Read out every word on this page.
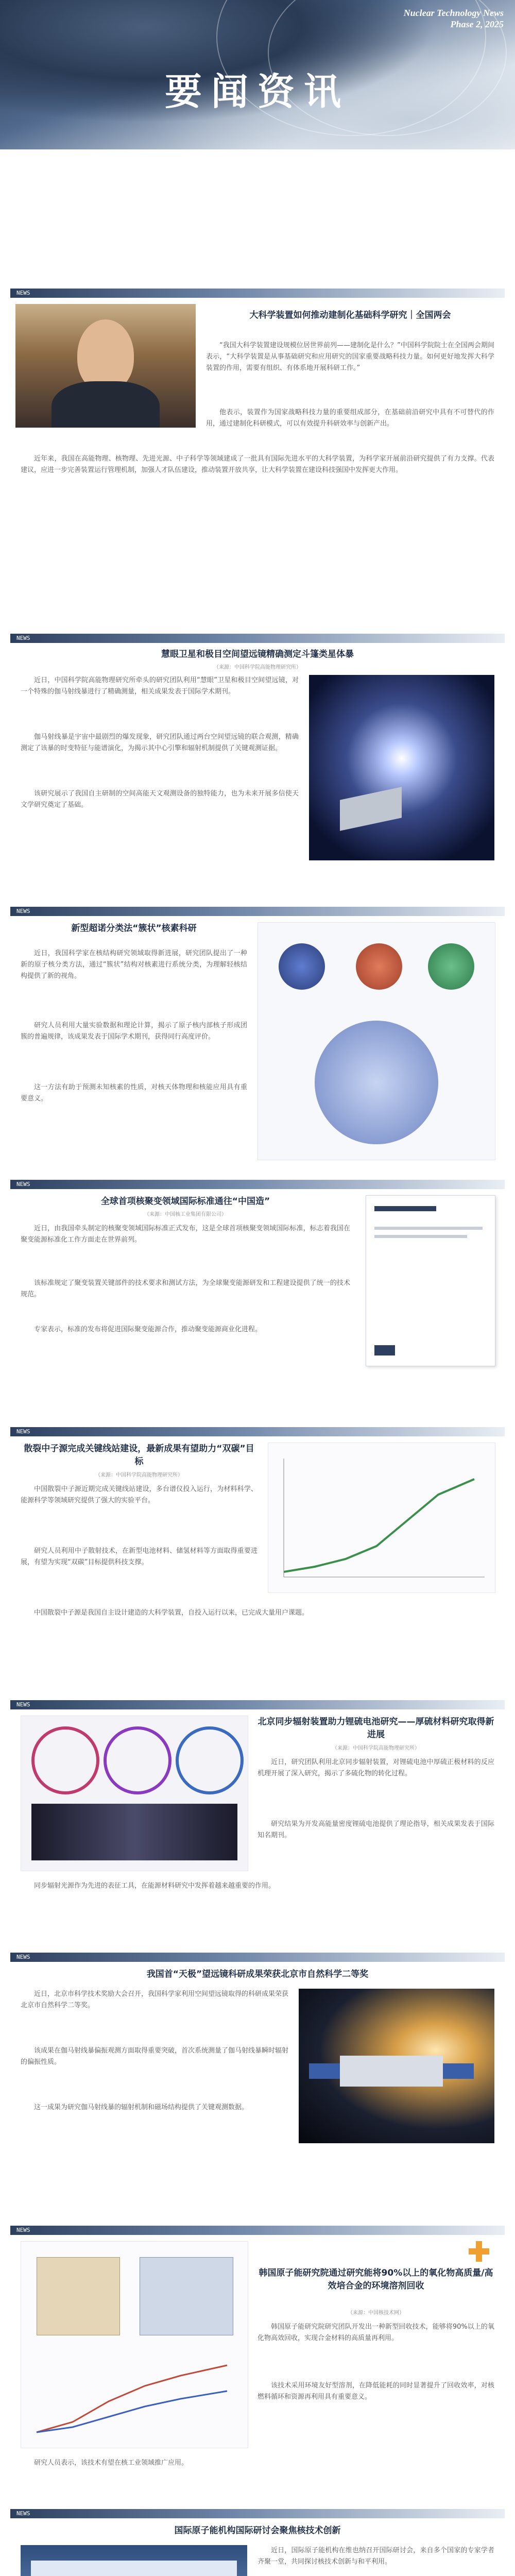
Nuclear Technology News
Phase 2, 2025
要闻资讯
NEWS
大科学装置如何推动建制化基础科学研究｜全国两会

“我国大科学装置建设规模位居世界前列——建制化是什么？”中国科学院院士在全国两会期间表示，“大科学装置是从事基础研究和应用研究的国家重要战略科技力量。如何更好地发挥大科学装置的作用，需要有组织、有体系地开展科研工作。”

他表示，装置作为国家战略科技力量的重要组成部分，在基础前沿研究中具有不可替代的作用，通过建制化科研模式，可以有效提升科研效率与创新产出。

近年来，我国在高能物理、核物理、先进光源、中子科学等领域建成了一批具有国际先进水平的大科学装置，为科学家开展前沿研究提供了有力支撑。代表建议，应进一步完善装置运行管理机制，加强人才队伍建设，推动装置开放共享，让大科学装置在建设科技强国中发挥更大作用。

NEWS
慧眼卫星和极目空间望远镜精确测定斗篷类星体暴
（来源：中国科学院高能物理研究所）

近日，中国科学院高能物理研究所牵头的研究团队利用“慧眼”卫星和极目空间望远镜，对一个特殊的伽马射线暴进行了精确测量，相关成果发表于国际学术期刊。

伽马射线暴是宇宙中最剧烈的爆发现象，研究团队通过两台空间望远镜的联合观测，精确测定了该暴的时变特征与能谱演化，为揭示其中心引擎和辐射机制提供了关键观测证据。

该研究展示了我国自主研制的空间高能天文观测设备的独特能力，也为未来开展多信使天文学研究奠定了基础。

NEWS
新型超诺分类法“簇状”核素科研

近日，我国科学家在核结构研究领域取得新进展，研究团队提出了一种新的原子核分类方法，通过“簇状”结构对核素进行系统分类，为理解轻核结构提供了新的视角。

研究人员利用大量实验数据和理论计算，揭示了原子核内部核子形成团簇的普遍规律，该成果发表于国际学术期刊，获得同行高度评价。

这一方法有助于预测未知核素的性质，对核天体物理和核能应用具有重要意义。

NEWS
全球首项核聚变领域国际标准通往“中国造”
（来源：中国核工业集团有限公司）

近日，由我国牵头制定的核聚变领域国际标准正式发布，这是全球首项核聚变领域国际标准，标志着我国在聚变能源标准化工作方面走在世界前列。

该标准规定了聚变装置关键部件的技术要求和测试方法，为全球聚变能源研发和工程建设提供了统一的技术规范。

专家表示，标准的发布将促进国际聚变能源合作，推动聚变能源商业化进程。

NEWS
散裂中子源完成关键线站建设，最新成果有望助力“双碳”目标
（来源：中国科学院高能物理研究所）

中国散裂中子源近期完成关键线站建设，多台谱仪投入运行，为材料科学、能源科学等领域研究提供了强大的实验平台。

研究人员利用中子散射技术，在新型电池材料、储氢材料等方面取得重要进展，有望为实现“双碳”目标提供科技支撑。

中国散裂中子源是我国自主设计建造的大科学装置，自投入运行以来，已完成大量用户课题。

NEWS
北京同步辐射装置助力锂硫电池研究——厚硫材料研究取得新进展
（来源：中国科学院高能物理研究所）

近日，研究团队利用北京同步辐射装置，对锂硫电池中厚硫正极材料的反应机理开展了深入研究，揭示了多硫化物的转化过程。

研究结果为开发高能量密度锂硫电池提供了理论指导，相关成果发表于国际知名期刊。

同步辐射光源作为先进的表征工具，在能源材料研究中发挥着越来越重要的作用。

NEWS
我国首“天极”望远镜科研成果荣获北京市自然科学二等奖

近日，北京市科学技术奖励大会召开，我国科学家利用空间望远镜取得的科研成果荣获北京市自然科学二等奖。

该成果在伽马射线暴偏振观测方面取得重要突破，首次系统测量了伽马射线暴瞬时辐射的偏振性质。

这一成果为研究伽马射线暴的辐射机制和磁场结构提供了关键观测数据。

NEWS
韩国原子能研究院通过研究能将90%以上的氧化物高质量/高效培合金的环境溶剂回收
（来源：中国核技术网）

韩国原子能研究院研究团队开发出一种新型回收技术，能够将90%以上的氧化物高效回收，实现合金材料的高质量再利用。

该技术采用环境友好型溶剂，在降低能耗的同时显著提升了回收效率，对核燃料循环和资源再利用具有重要意义。

研究人员表示，该技术有望在核工业领域推广应用。

NEWS
国际原子能机构国际研讨会聚焦核技术创新

近日，国际原子能机构在维也纳召开国际研讨会，来自多个国家的专家学者齐聚一堂，共同探讨核技术创新与和平利用。
